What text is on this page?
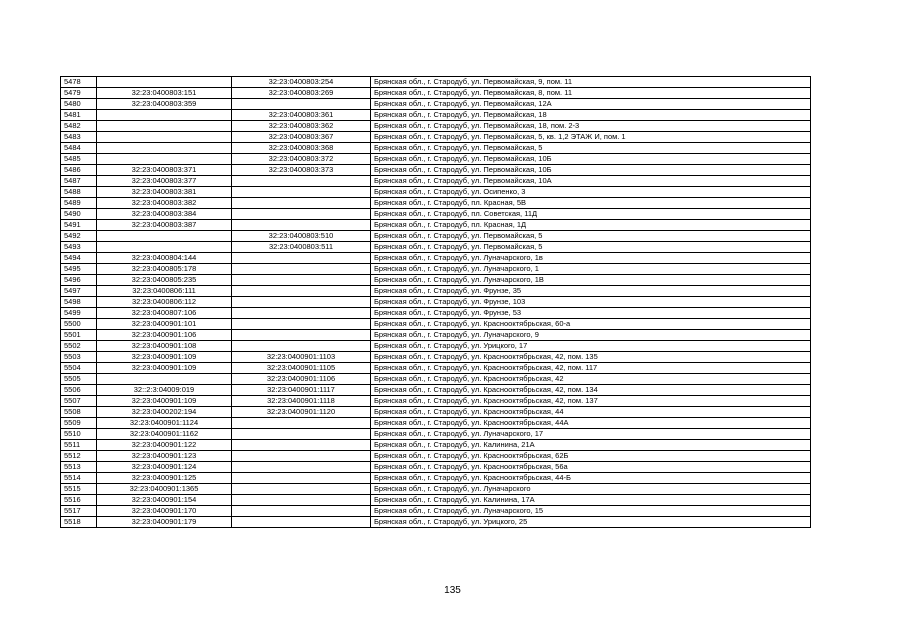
5478		32:23:0400803:254	Брянская обл., г. Стародуб, ул. Первомайская, 9, пом. 11
5479	32:23:0400803:151	32:23:0400803:269	Брянская обл., г. Стародуб, ул. Первомайская, 8, пом. 11
5480	32:23:0400803:359		Брянская обл., г. Стародуб, ул. Первомайская, 12А
5481		32:23:0400803:361	Брянская обл., г. Стародуб, ул. Первомайская, 18
5482		32:23:0400803:362	Брянская обл., г. Стародуб, ул. Первомайская, 18, пом. 2-3
5483		32:23:0400803:367	Брянская обл., г. Стародуб, ул. Первомайская, 5, кв. 1,2 ЭТАЖ И, пом. 1
5484		32:23:0400803:368	Брянская обл., г. Стародуб, ул. Первомайская, 5
5485		32:23:0400803:372	Брянская обл., г. Стародуб, ул. Первомайская, 10Б
5486	32:23:0400803:371	32:23:0400803:373	Брянская обл., г. Стародуб, ул. Первомайская, 10Б
5487	32:23:0400803:377		Брянская обл., г. Стародуб, ул. Первомайская, 10А
5488	32:23:0400803:381		Брянская обл., г. Стародуб, ул. Осипенко, 3
5489	32:23:0400803:382		Брянская обл., г. Стародуб, пл. Красная, 5В
5490	32:23:0400803:384		Брянская обл., г. Стародуб, пл. Советская, 11Д
5491	32:23:0400803:387		Брянская обл., г. Стародуб, пл. Красная, 1Д
5492		32:23:0400803:510	Брянская обл., г. Стародуб, ул. Первомайская, 5
5493		32:23:0400803:511	Брянская обл., г. Стародуб, ул. Первомайская, 5
5494	32:23:0400804:144		Брянская обл., г. Стародуб, ул. Луначарского, 1в
5495	32:23:0400805:178		Брянская обл., г. Стародуб, ул. Луначарского, 1
5496	32:23:0400805:235		Брянская обл., г. Стародуб, ул. Луначарского, 1В
5497	32:23:0400806:111		Брянская обл., г. Стародуб, ул. Фрунзе, 35
5498	32:23:0400806:112		Брянская обл., г. Стародуб, ул. Фрунзе, 103
5499	32:23:0400807:106		Брянская обл., г. Стародуб, ул. Фрунзе, 53
5500	32:23:0400901:101		Брянская обл., г. Стародуб, ул. Краснооктябрьская, 60-а
5501	32:23:0400901:106		Брянская обл., г. Стародуб, ул. Луначарского, 9
5502	32:23:0400901:108		Брянская обл., г. Стародуб, ул. Урицкого, 17
5503	32:23:0400901:109	32:23:0400901:1103	Брянская обл., г. Стародуб, ул. Краснооктябрьская, 42, пом. 135
5504	32:23:0400901:109	32:23:0400901:1105	Брянская обл., г. Стародуб, ул. Краснооктябрьская, 42, пом. 117
5505		32:23:0400901:1106	Брянская обл., г. Стародуб, ул. Краснооктябрьская, 42
5506	32::2:3:04009:019	32:23:0400901:1117	Брянская обл., г. Стародуб, ул. Краснооктябрьская, 42, пом. 134
5507	32:23:0400901:109	32:23:0400901:1118	Брянская обл., г. Стародуб, ул. Краснооктябрьская, 42, пом. 137
5508	32:23:0400202:194	32:23:0400901:1120	Брянская обл., г. Стародуб, ул. Краснооктябрьская, 44
5509	32:23:0400901:1124		Брянская обл., г. Стародуб, ул. Краснооктябрьская, 44А
5510	32:23:0400901:1162		Брянская обл., г. Стародуб, ул. Луначарского, 17
5511	32:23:0400901:122		Брянская обл., г. Стародуб, ул. Калинина, 21А
5512	32:23:0400901:123		Брянская обл., г. Стародуб, ул. Краснооктябрьская, 62Б
5513	32:23:0400901:124		Брянская обл., г. Стародуб, ул. Краснооктябрьская, 56а
5514	32:23:0400901:125		Брянская обл., г. Стародуб, ул. Краснооктябрьская, 44-Б
5515	32:23:0400901:1365		Брянская обл., г. Стародуб, ул. Луначарского
5516	32:23:0400901:154		Брянская обл., г. Стародуб, ул. Калинина, 17А
5517	32:23:0400901:170		Брянская обл., г. Стародуб, ул. Луначарского, 15
5518	32:23:0400901:179		Брянская обл., г. Стародуб, ул. Урицкого, 25
135
